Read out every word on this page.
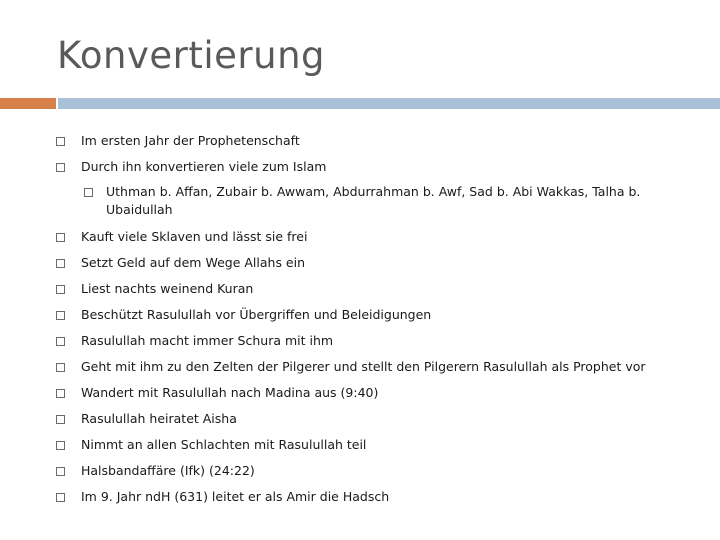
Konvertierung
Im ersten Jahr der Prophetenschaft
Durch ihn konvertieren viele zum Islam
Uthman b. Affan, Zubair b. Awwam, Abdurrahman b. Awf, Sad b. Abi Wakkas, Talha b. Ubaidullah
Kauft viele Sklaven und lässt sie frei
Setzt Geld auf dem Wege Allahs ein
Liest nachts weinend Kuran
Beschützt Rasulullah vor Übergriffen und Beleidigungen
Rasulullah macht immer Schura mit ihm
Geht mit ihm zu den Zelten der Pilgerer und stellt den Pilgerern Rasulullah als Prophet vor
Wandert mit Rasulullah nach Madina aus (9:40)
Rasulullah heiratet Aisha
Nimmt an allen Schlachten mit Rasulullah teil
Halsbandaffäre (Ifk) (24:22)
Im 9. Jahr ndH (631) leitet er als Amir die Hadsch
